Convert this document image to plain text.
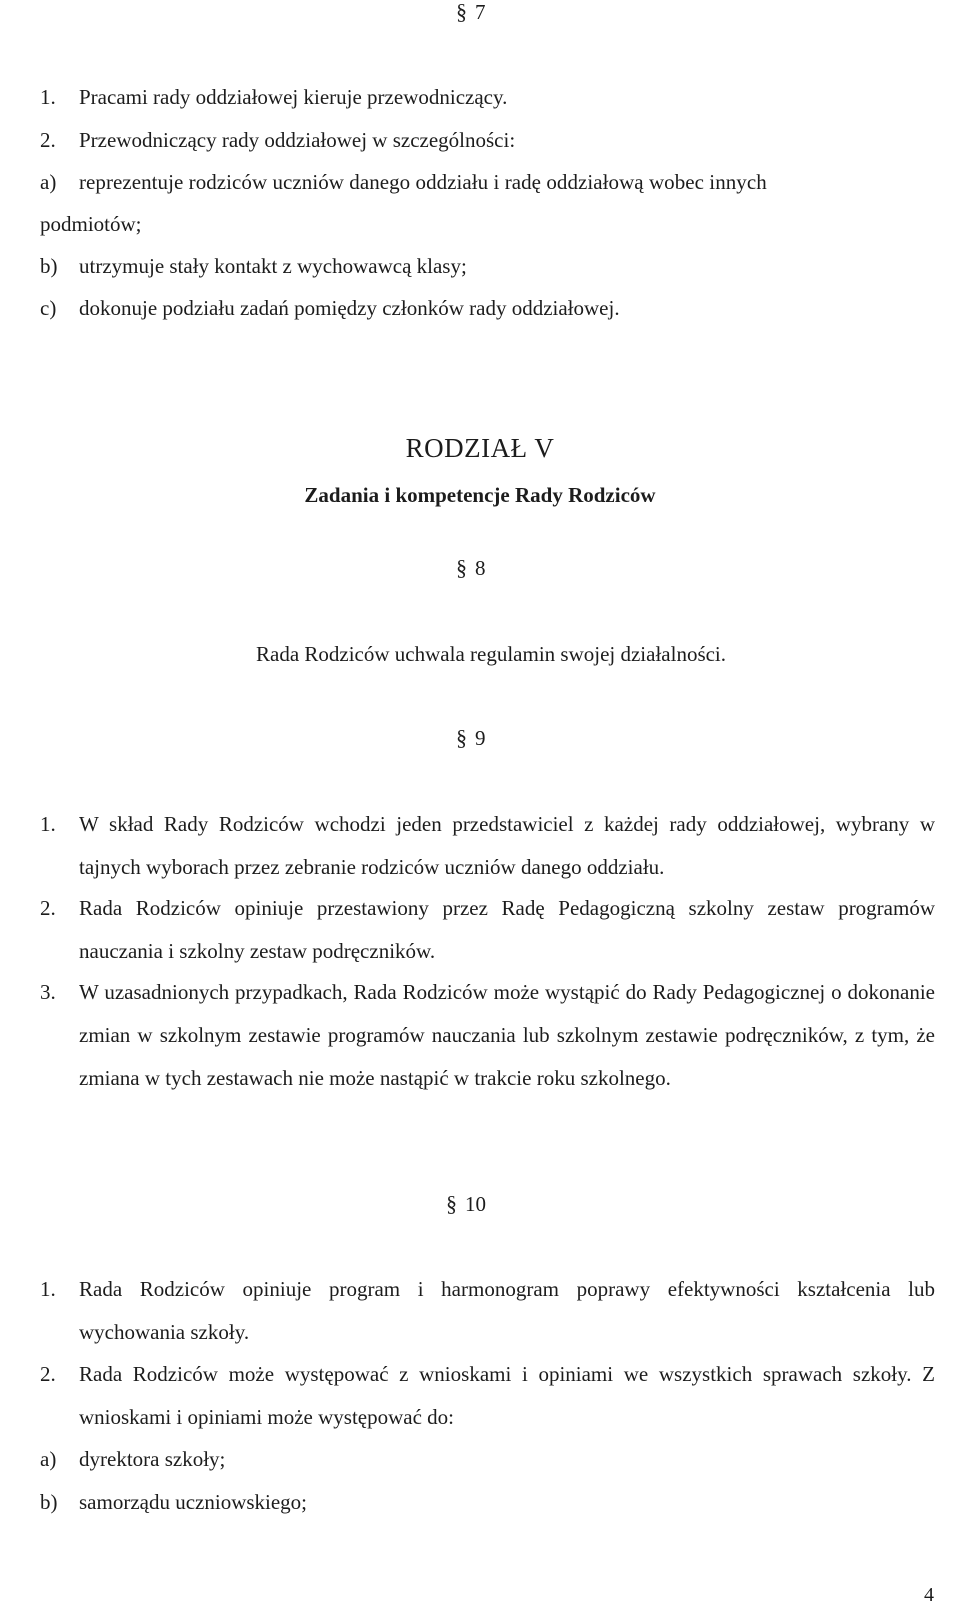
§ 7
1. Pracami rady oddziałowej kieruje przewodniczący.
2. Przewodniczący rady oddziałowej w szczególności:
a) reprezentuje rodziców uczniów danego oddziału i radę oddziałową wobec innych
podmiotów;
b) utrzymuje stały kontakt z wychowawcą klasy;
c) dokonuje podziału zadań pomiędzy członków rady oddziałowej.
RODZIAŁ V
Zadania i kompetencje Rady Rodziców
§ 8
Rada Rodziców uchwala regulamin swojej działalności.
§ 9
1. W skład Rady Rodziców wchodzi jeden przedstawiciel z każdej rady oddziałowej, wybrany w tajnych wyborach przez zebranie rodziców uczniów danego oddziału.
2. Rada Rodziców opiniuje przestawiony przez Radę Pedagogiczną szkolny zestaw programów nauczania i szkolny zestaw podręczników.
3. W uzasadnionych przypadkach, Rada Rodziców może wystąpić do Rady Pedagogicznej o dokonanie zmian w szkolnym zestawie programów nauczania lub szkolnym zestawie podręczników, z tym, że zmiana w tych zestawach nie może nastąpić w trakcie roku szkolnego.
§ 10
1. Rada Rodziców opiniuje program i harmonogram poprawy efektywności kształcenia lub wychowania szkoły.
2. Rada Rodziców może występować z wnioskami i opiniami we wszystkich sprawach szkoły. Z wnioskami i opiniami może występować do:
a) dyrektora szkoły;
b) samorządu uczniowskiego;
4
